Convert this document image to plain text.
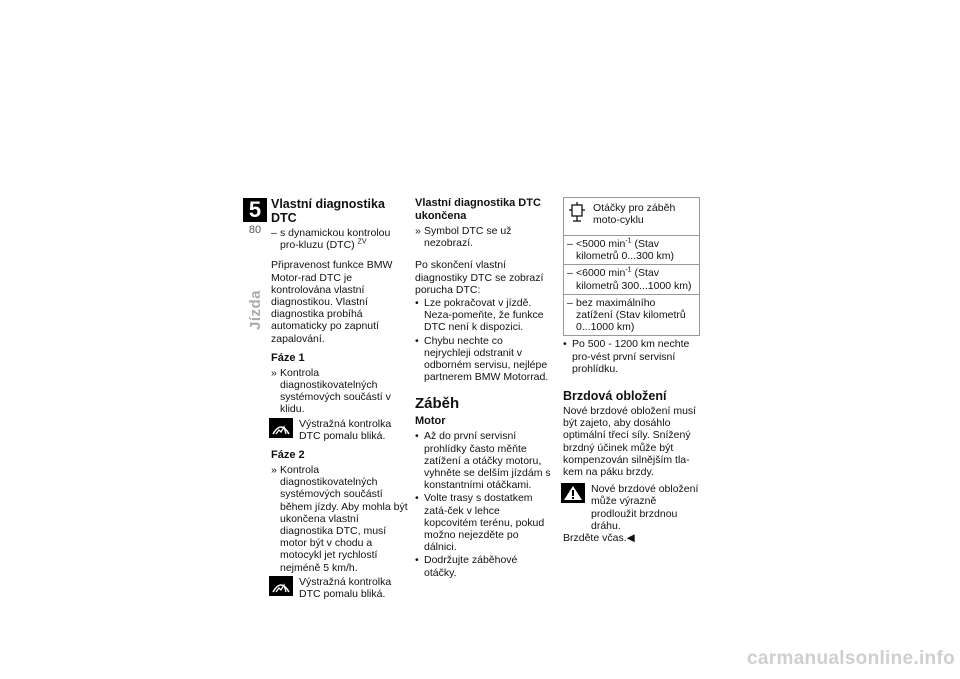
5
80
Jízda
Vlastní diagnostika DTC
– s dynamickou kontrolou pro-kluzu (DTC) $^{ZV}$

Připravenost funkce BMW Motor-rad DTC je kontrolována vlastní diagnostikou. Vlastní diagnostika probíhá automaticky po zapnutí zapalování.

Fáze 1
» Kontrola diagnostikovatelných systémových součástí v klidu.
Výstražná kontrolka DTC pomalu bliká.
Fáze 2
» Kontrola diagnostikovatelných systémových součástí během jízdy. Aby mohla být ukončena vlastní diagnostika DTC, musí motor být v chodu a motocykl jet rychlostí nejméně 5 km/h.
Výstražná kontrolka DTC pomalu bliká.
Vlastní diagnostika DTC ukončena
» Symbol DTC se už nezobrazí.

Po skončení vlastní diagnostiky DTC se zobrazí porucha DTC:

• Lze pokračovat v jízdě. Neza-pomeňte, že funkce DTC není k dispozici.
• Chybu nechte co nejrychleji odstranit v odborném servisu, nejlépe partnerem BMW Motorrad.
Záběh
Motor
• Až do první servisní prohlídky často měňte zatížení a otáčky motoru, vyhněte se delším jízdám s konstantními otáčkami.
• Volte trasy s dostatkem zatá-ček v lehce kopcovitém terénu, pokud možno nejezděte po dálnici.
• Dodržujte záběhové otáčky.
Otáčky pro záběh moto-cyklu
– <5000 $\min^{-1}$ (Stav kilometrů 0...300 km)
– <6000 $\min^{-1}$ (Stav kilometrů 300...1000 km)
– bez maximálního zatížení (Stav kilometrů 0...1000 km)
• Po 500 - 1200 km nechte pro-vést první servisní prohlídku.
Brzdová obložení

Nové brzdové obložení musí být zajeto, aby dosáhlo optimální třecí síly. Snížený brzdný účinek může být kompenzován silnějším tla-kem na páku brzdy.

Nové brzdové obložení může výrazně prodloužit brzdnou dráhu.
Brzděte včas.◀
carmanualsonline.info
